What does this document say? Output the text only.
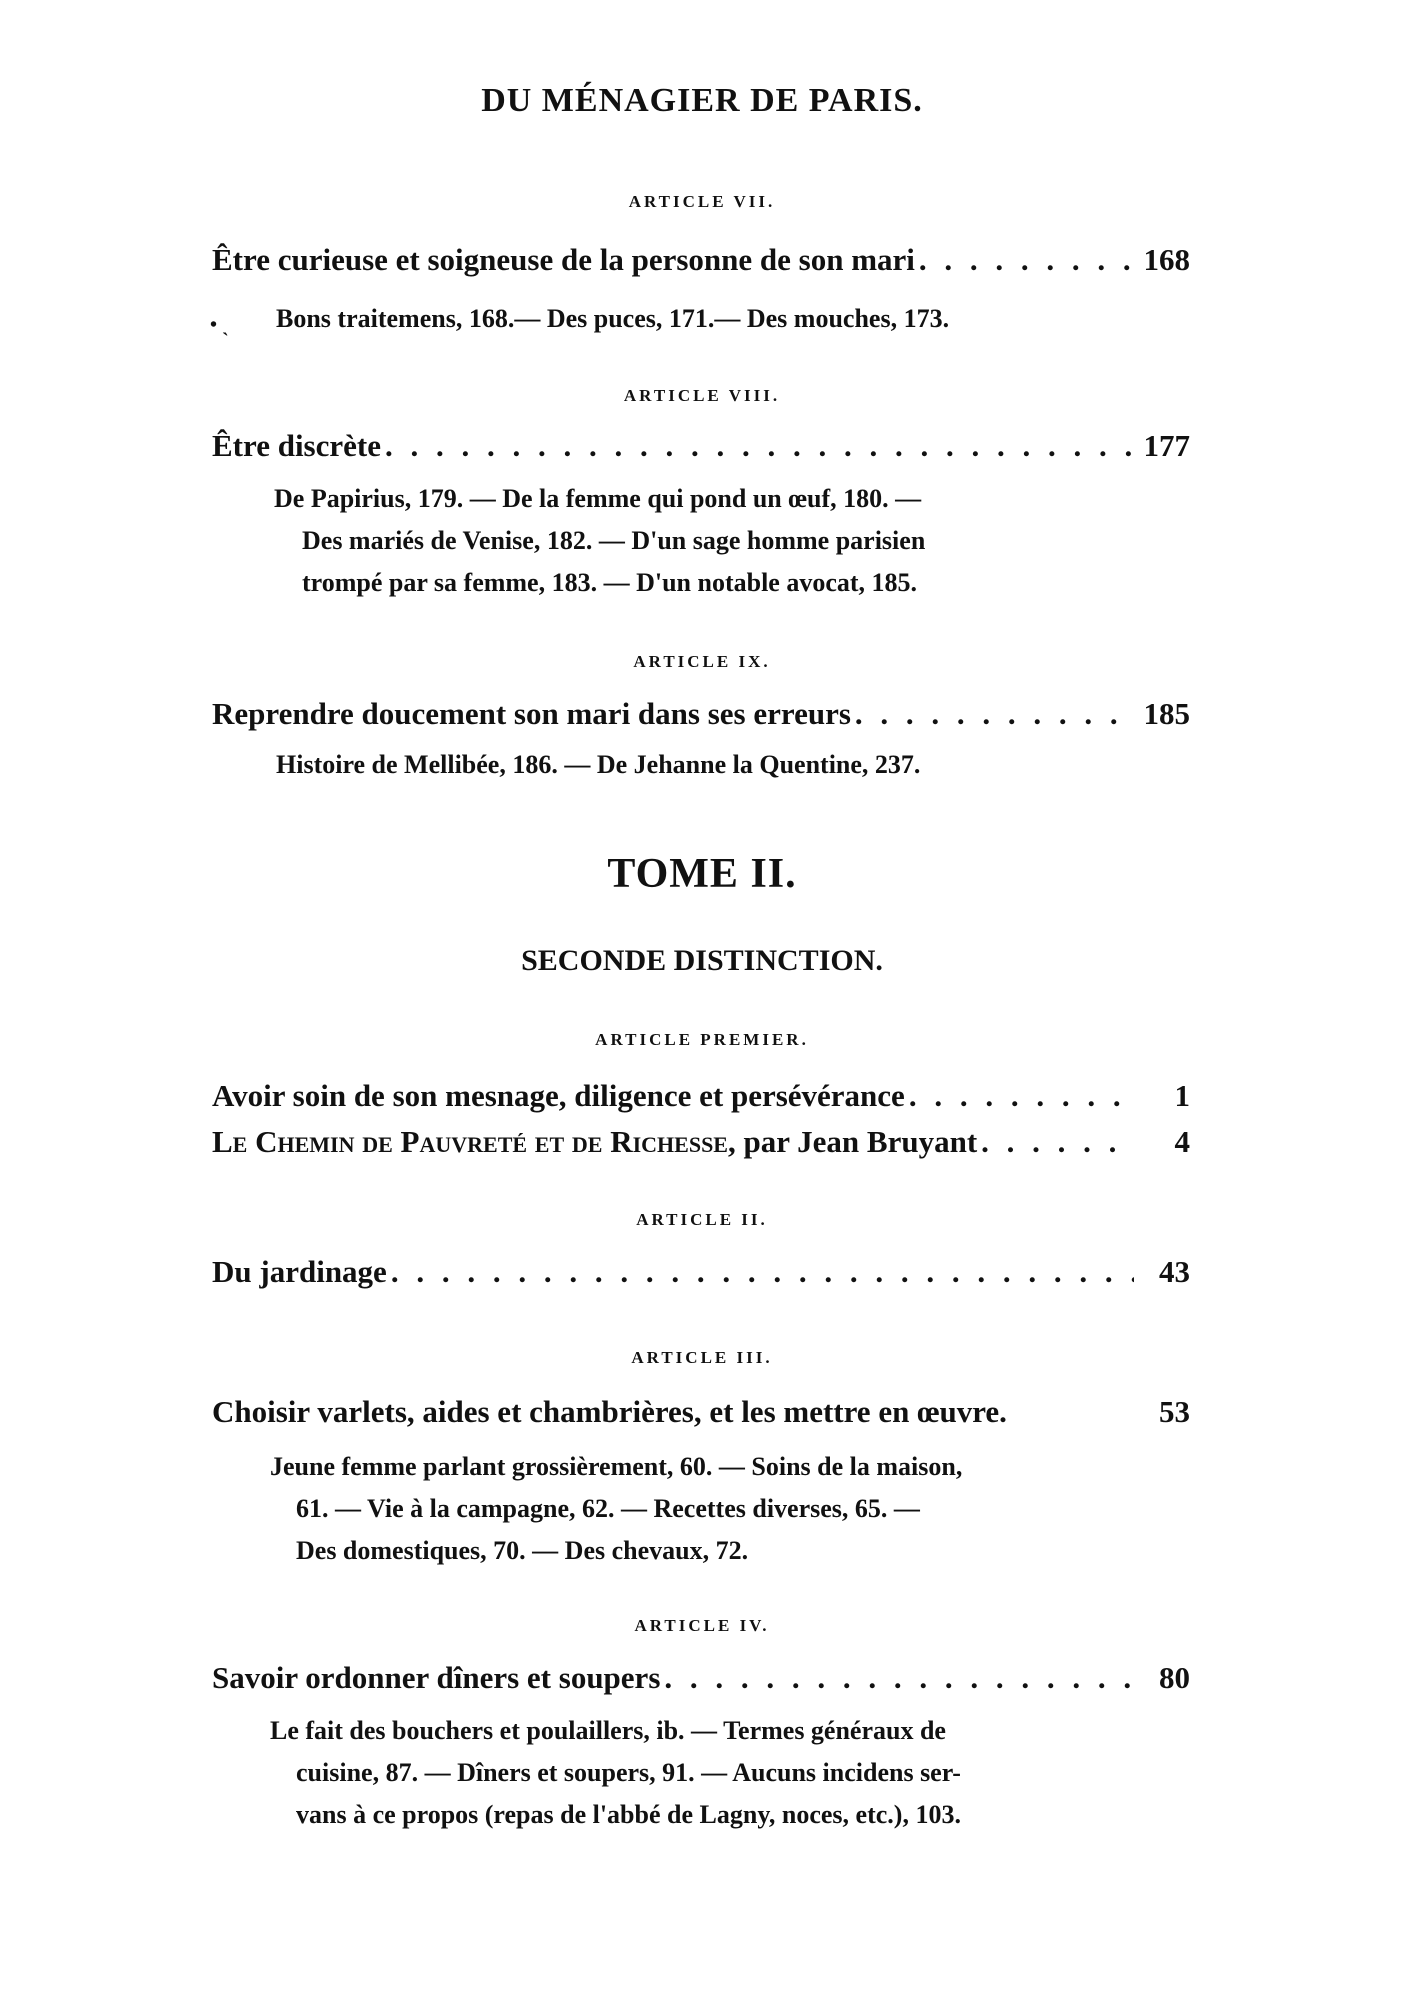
DU MÉNAGIER DE PARIS.
ARTICLE VII.
Être curieuse et soigneuse de la personne de son mari . . .	168
• ˎ Bons traitemens, 168.— Des puces, 171.— Des mouches, 173.
ARTICLE VIII.
Être discrète . . .	177
De Papirius, 179. — De la femme qui pond un œuf, 180. —
Des mariés de Venise, 182. — D'un sage homme parisien
trompé par sa femme, 183. — D'un notable avocat, 185.
ARTICLE IX.
Reprendre doucement son mari dans ses erreurs . . .	185
Histoire de Mellibée, 186. — De Jehanne la Quentine, 237.
TOME II.
SECONDE DISTINCTION.
ARTICLE PREMIER.
Avoir soin de son mesnage, diligence et persévérance . . .	1
Le Chemin de Pauvreté et de Richesse, par Jean Bruyant . . .	4
ARTICLE II.
Du jardinage . . .	43
ARTICLE III.
Choisir varlets, aides et chambrières, et les mettre en œuvre.	53
Jeune femme parlant grossièrement, 60. — Soins de la maison,
61. — Vie à la campagne, 62. — Recettes diverses, 65. —
Des domestiques, 70. — Des chevaux, 72.
ARTICLE IV.
Savoir ordonner dîners et soupers . . .	80
Le fait des bouchers et poulaillers, ib. — Termes généraux de
cuisine, 87. — Dîners et soupers, 91. — Aucuns incidens ser-
vans à ce propos (repas de l'abbé de Lagny, noces, etc.), 103.
